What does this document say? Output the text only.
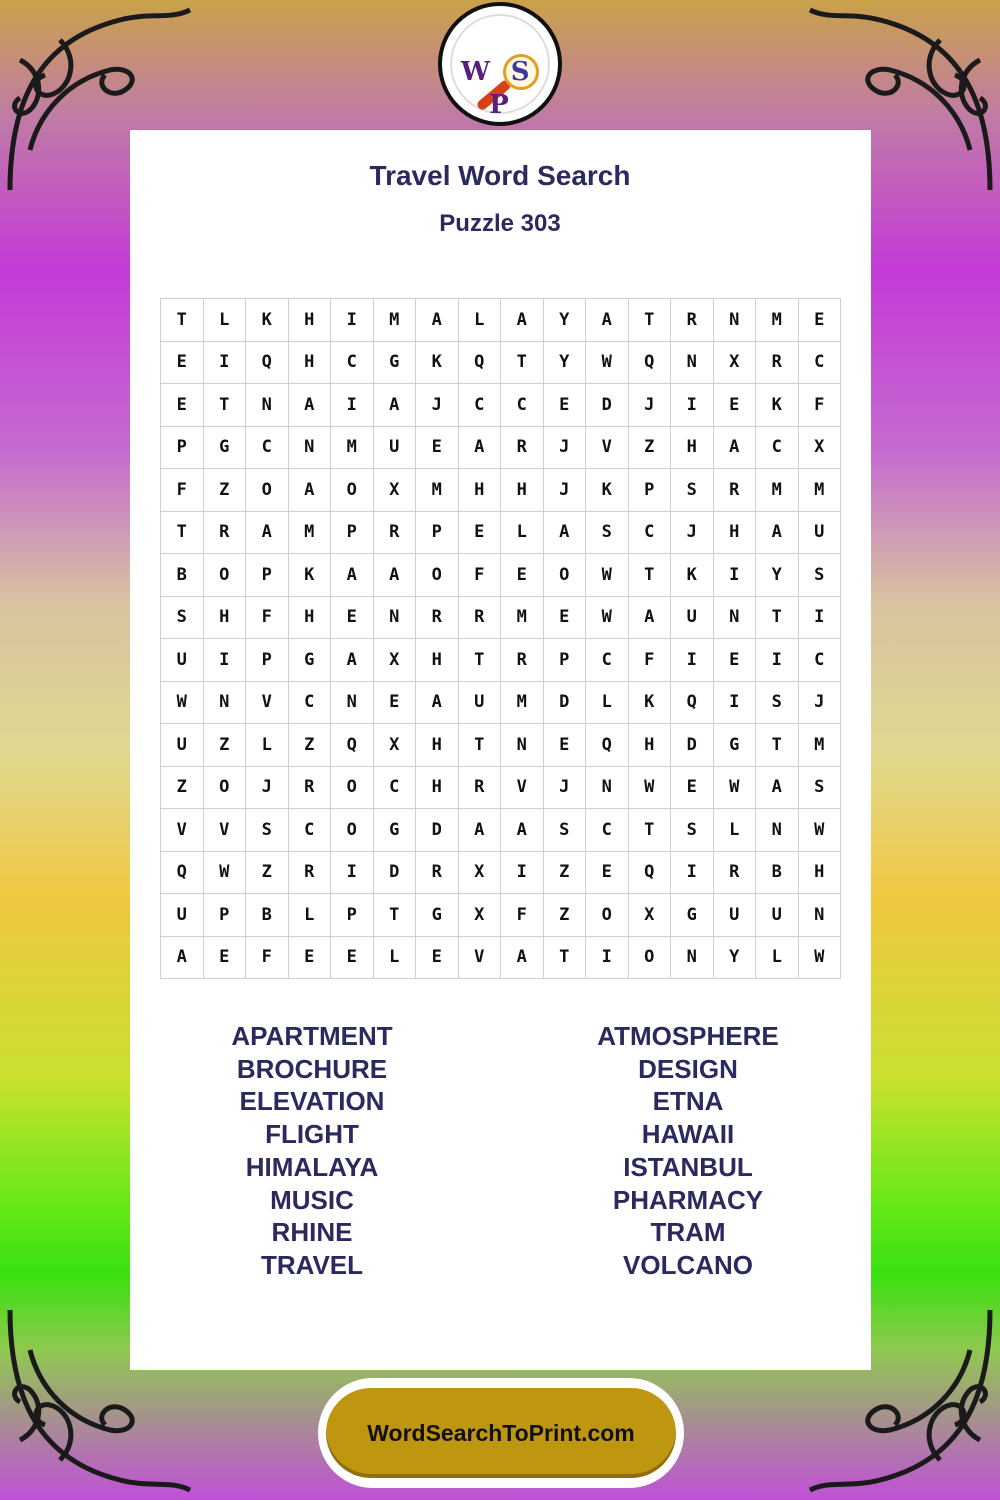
W S P
Travel Word Search
Puzzle 303
T	L	K	H	I	M	A	L	A	Y	A	T	R	N	M	E
E	I	Q	H	C	G	K	Q	T	Y	W	Q	N	X	R	C
E	T	N	A	I	A	J	C	C	E	D	J	I	E	K	F
P	G	C	N	M	U	E	A	R	J	V	Z	H	A	C	X
F	Z	O	A	O	X	M	H	H	J	K	P	S	R	M	M
T	R	A	M	P	R	P	E	L	A	S	C	J	H	A	U
B	O	P	K	A	A	O	F	E	O	W	T	K	I	Y	S
S	H	F	H	E	N	R	R	M	E	W	A	U	N	T	I
U	I	P	G	A	X	H	T	R	P	C	F	I	E	I	C
W	N	V	C	N	E	A	U	M	D	L	K	Q	I	S	J
U	Z	L	Z	Q	X	H	T	N	E	Q	H	D	G	T	M
Z	O	J	R	O	C	H	R	V	J	N	W	E	W	A	S
V	V	S	C	O	G	D	A	A	S	C	T	S	L	N	W
Q	W	Z	R	I	D	R	X	I	Z	E	Q	I	R	B	H
U	P	B	L	P	T	G	X	F	Z	O	X	G	U	U	N
A	E	F	E	E	L	E	V	A	T	I	O	N	Y	L	W
APARTMENT
BROCHURE
ELEVATION
FLIGHT
HIMALAYA
MUSIC
RHINE
TRAVEL
ATMOSPHERE
DESIGN
ETNA
HAWAII
ISTANBUL
PHARMACY
TRAM
VOLCANO
WordSearchToPrint.com
